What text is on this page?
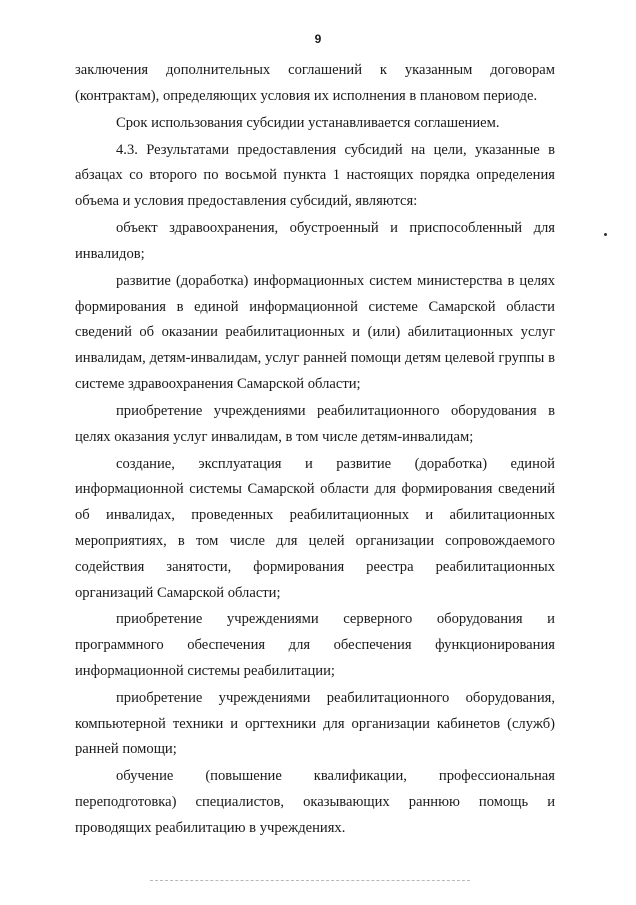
9

заключения дополнительных соглашений к указанным договорам (контрактам), определяющих условия их исполнения в плановом периоде.

Срок использования субсидии устанавливается соглашением.

4.3. Результатами предоставления субсидий на цели, указанные в абзацах со второго по восьмой пункта 1 настоящих порядка определения объема и условия предоставления субсидий, являются:

объект здравоохранения, обустроенный и приспособленный для инвалидов;

развитие (доработка) информационных систем министерства в целях формирования в единой информационной системе Самарской области сведений об оказании реабилитационных и (или) абилитационных услуг инвалидам, детям-инвалидам, услуг ранней помощи детям целевой группы в системе здравоохранения Самарской области;

приобретение учреждениями реабилитационного оборудования в целях оказания услуг инвалидам, в том числе детям-инвалидам;

создание, эксплуатация и развитие (доработка) единой информационной системы Самарской области для формирования сведений об инвалидах, проведенных реабилитационных и абилитационных мероприятиях, в том числе для целей организации сопровождаемого содействия занятости, формирования реестра реабилитационных организаций Самарской области;

приобретение учреждениями серверного оборудования и программного обеспечения для обеспечения функционирования информационной системы реабилитации;

приобретение учреждениями реабилитационного оборудования, компьютерной техники и оргтехники для организации кабинетов (служб) ранней помощи;

обучение (повышение квалификации, профессиональная переподготовка) специалистов, оказывающих раннюю помощь и проводящих реабилитацию в учреждениях.
